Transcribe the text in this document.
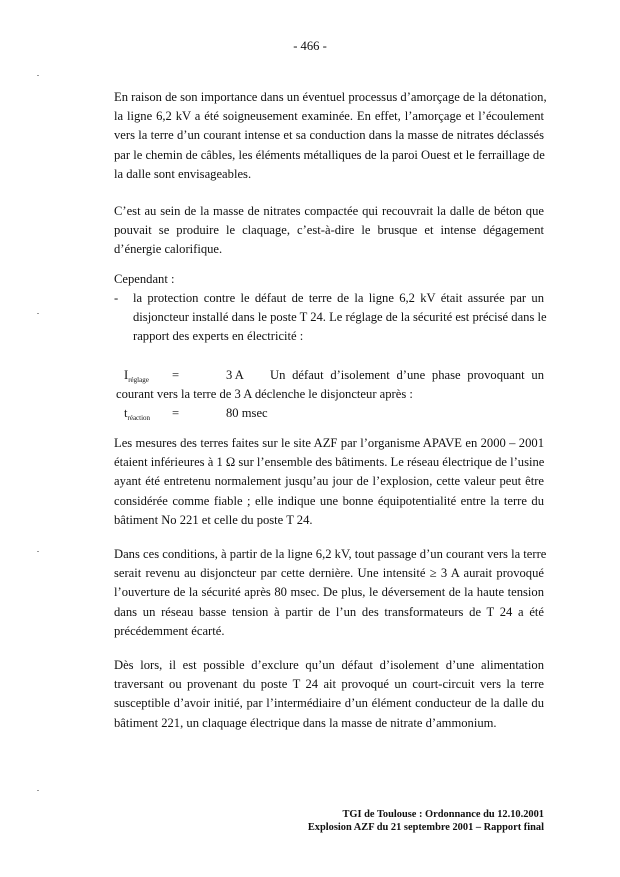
- 466 -
En raison de son importance dans un éventuel processus d’amorçage de la détonation,
la ligne 6,2 kV a été soigneusement examinée. En effet, l’amorçage et l’écoulement
vers la terre d’un courant intense et sa conduction dans la masse de nitrates déclassés
par le chemin de câbles, les éléments métalliques de la paroi Ouest et le ferraillage de
la dalle sont envisageables.
C’est au sein de la masse de nitrates compactée qui recouvrait la dalle de béton que
pouvait se produire le claquage, c’est-à-dire le brusque et intense dégagement
d’énergie calorifique.
Cependant :
- la protection contre le défaut de terre de la ligne 6,2 kV était assurée par un
disjoncteur installé dans le poste T 24. Le réglage de la sécurité est précisé dans le
rapport des experts en électricité :
$I_{réglage}$ =	3 A Un défaut d’isolement d’une phase provoquant un
courant vers la terre de 3 A déclenche le disjoncteur après :
$t_{réaction}$ =	80 msec
Les mesures des terres faites sur le site AZF par l’organisme APAVE en 2000 – 2001
étaient inférieures à 1 Ω sur l’ensemble des bâtiments. Le réseau électrique de l’usine
ayant été entretenu normalement jusqu’au jour de l’explosion, cette valeur peut être
considérée comme fiable ; elle indique une bonne équipotentialité entre la terre du
bâtiment No 221 et celle du poste T 24.
Dans ces conditions, à partir de la ligne 6,2 kV, tout passage d’un courant vers la terre
serait revenu au disjoncteur par cette dernière. Une intensité ≥ 3 A aurait provoqué
l’ouverture de la sécurité après 80 msec. De plus, le déversement de la haute tension
dans un réseau basse tension à partir de l’un des transformateurs de T 24 a été
précédemment écarté.
Dès lors, il est possible d’exclure qu’un défaut d’isolement d’une alimentation
traversant ou provenant du poste T 24 ait provoqué un court-circuit vers la terre
susceptible d’avoir initié, par l’intermédiaire d’un élément conducteur de la dalle du
bâtiment 221, un claquage électrique dans la masse de nitrate d’ammonium.
TGI de Toulouse : Ordonnance du 12.10.2001
Explosion AZF du 21 septembre 2001 – Rapport final
